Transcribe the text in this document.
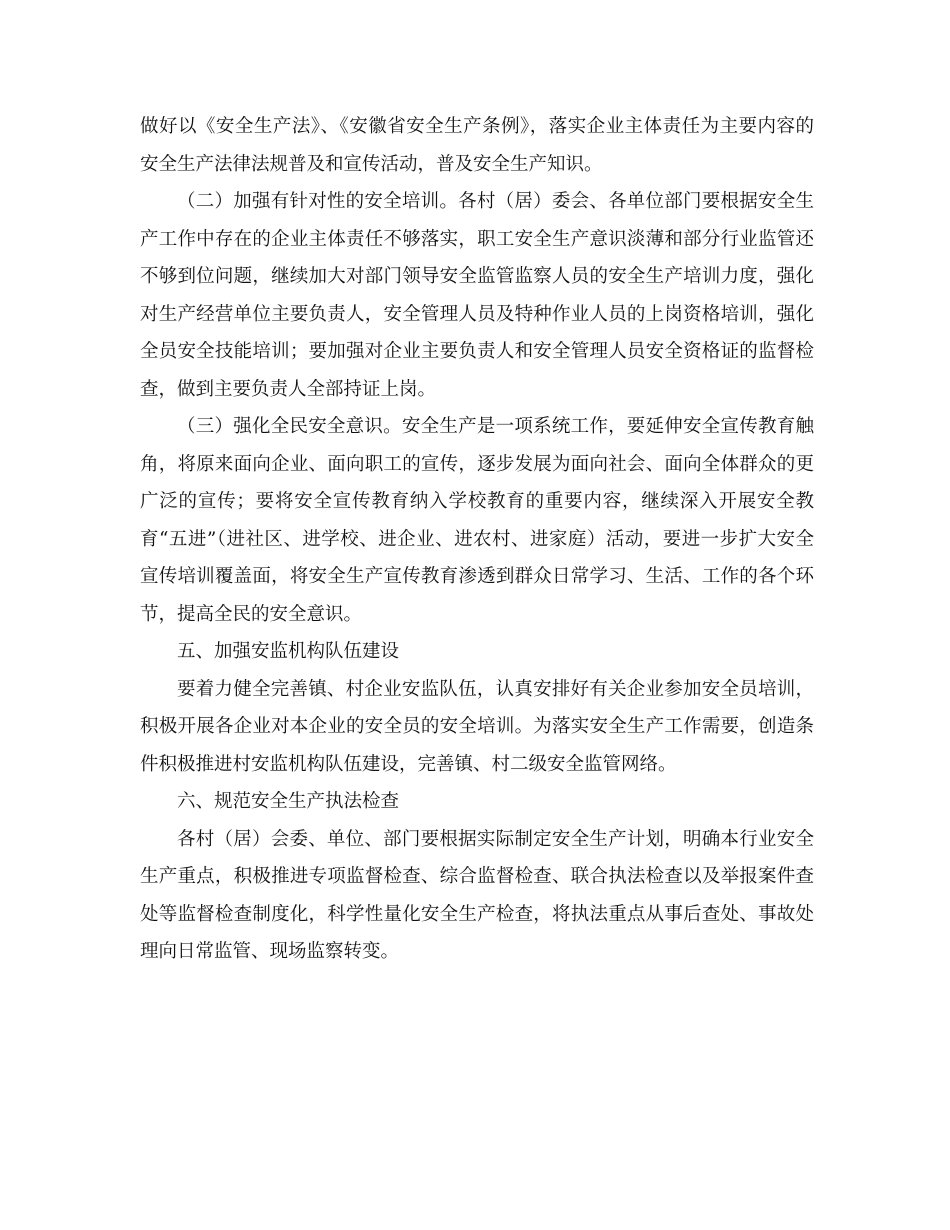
做好以《安全生产法》、《安徽省安全生产条例》，落实企业主体责任为主要内容的安全生产法律法规普及和宣传活动，普及安全生产知识。

（二）加强有针对性的安全培训。各村（居）委会、各单位部门要根据安全生产工作中存在的企业主体责任不够落实，职工安全生产意识淡薄和部分行业监管还不够到位问题，继续加大对部门领导安全监管监察人员的安全生产培训力度，强化对生产经营单位主要负责人，安全管理人员及特种作业人员的上岗资格培训，强化全员安全技能培训；要加强对企业主要负责人和安全管理人员安全资格证的监督检查，做到主要负责人全部持证上岗。

（三）强化全民安全意识。安全生产是一项系统工作，要延伸安全宣传教育触角，将原来面向企业、面向职工的宣传，逐步发展为面向社会、面向全体群众的更广泛的宣传；要将安全宣传教育纳入学校教育的重要内容，继续深入开展安全教育“五进”（进社区、进学校、进企业、进农村、进家庭）活动，要进一步扩大安全宣传培训覆盖面，将安全生产宣传教育渗透到群众日常学习、生活、工作的各个环节，提高全民的安全意识。

五、加强安监机构队伍建设

要着力健全完善镇、村企业安监队伍，认真安排好有关企业参加安全员培训，积极开展各企业对本企业的安全员的安全培训。为落实安全生产工作需要，创造条件积极推进村安监机构队伍建设，完善镇、村二级安全监管网络。

六、规范安全生产执法检查

各村（居）会委、单位、部门要根据实际制定安全生产计划，明确本行业安全生产重点，积极推进专项监督检查、综合监督检查、联合执法检查以及举报案件查处等监督检查制度化，科学性量化安全生产检查，将执法重点从事后查处、事故处理向日常监管、现场监察转变。
